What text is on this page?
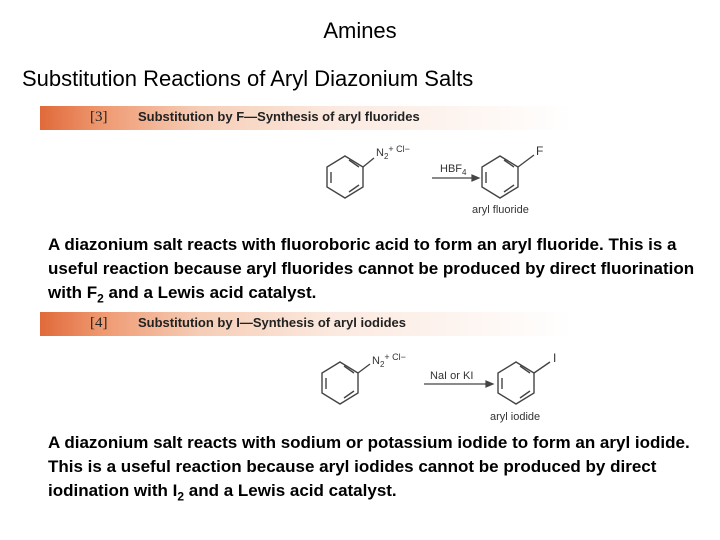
Amines
Substitution Reactions of Aryl Diazonium Salts
[3] Substitution by F—Synthesis of aryl fluorides
$N_2^{+ Cl-}$
$HBF_4$
F
aryl fluoride
A diazonium salt reacts with fluoroboric acid to form an aryl fluoride. This is a useful reaction because aryl fluorides cannot be produced by direct fluorination with $F_2$ and a Lewis acid catalyst.
[4] Substitution by I—Synthesis of aryl iodides
$N_2^{+ Cl-}$
NaI or KI
I
aryl iodide
A diazonium salt reacts with sodium or potassium iodide to form an aryl iodide. This is a useful reaction because aryl iodides cannot be produced by direct iodination with $I_2$ and a Lewis acid catalyst.
